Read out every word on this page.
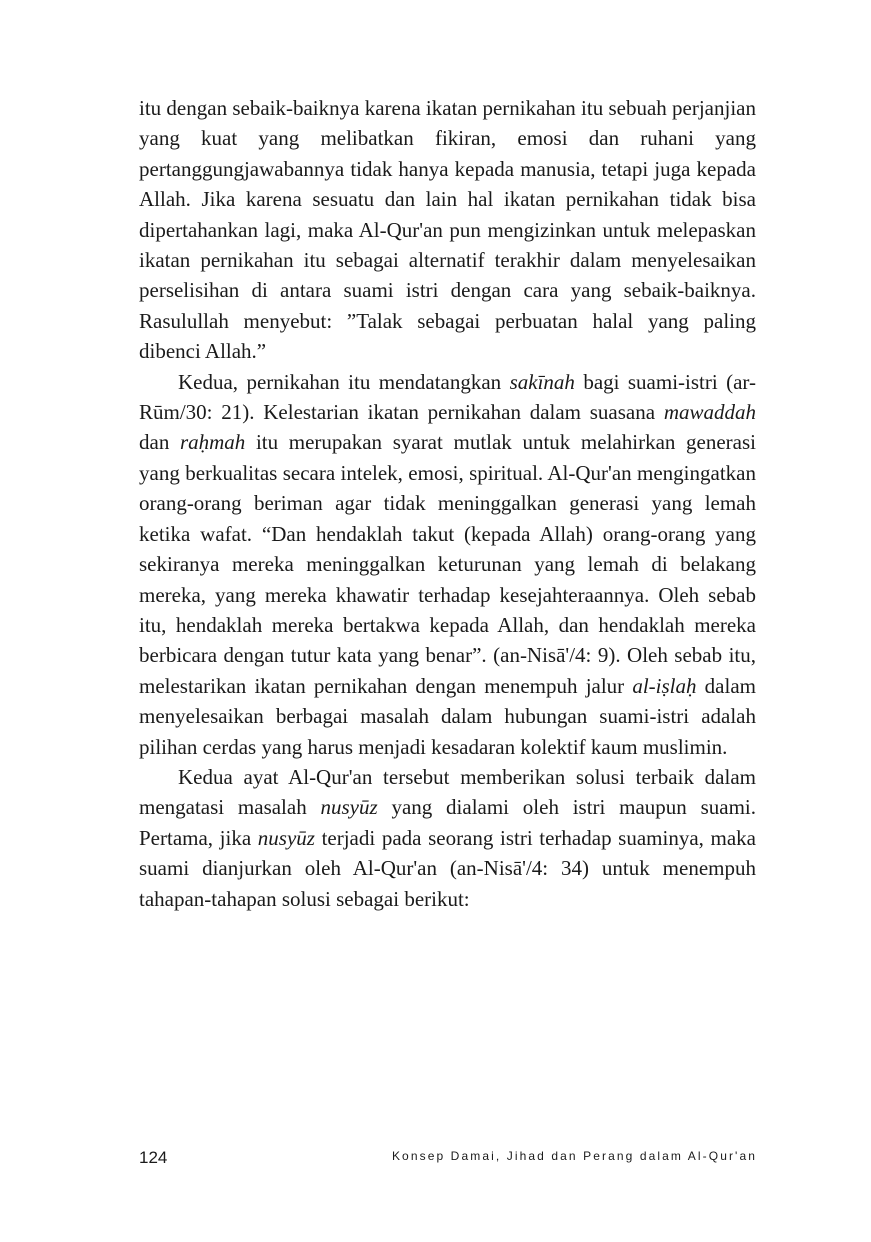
itu dengan sebaik-baiknya karena ikatan pernikahan itu sebuah perjanjian yang kuat yang melibatkan fikiran, emosi dan ruhani yang pertanggungjawabannya tidak hanya kepada manusia, tetapi juga kepada Allah. Jika karena sesuatu dan lain hal ikatan pernikahan tidak bisa dipertahankan lagi, maka Al-Qur'an pun mengizinkan untuk melepaskan ikatan pernikahan itu sebagai alternatif terakhir dalam menyelesaikan perselisihan di antara suami istri dengan cara yang sebaik-baiknya. Rasulullah menyebut: ”Talak sebagai perbuatan halal yang paling dibenci Allah.”

Kedua, pernikahan itu mendatangkan sakīnah bagi suami-istri (ar-Rūm/30: 21). Kelestarian ikatan pernikahan dalam suasana mawaddah dan raḥmah itu merupakan syarat mutlak untuk melahirkan generasi yang berkualitas secara intelek, emosi, spiritual. Al-Qur'an mengingatkan orang-orang beriman agar tidak meninggalkan generasi yang lemah ketika wafat. “Dan hendaklah takut (kepada Allah) orang-orang yang sekiranya mereka meninggalkan keturunan yang lemah di belakang mereka, yang mereka khawatir terhadap kesejahteraannya. Oleh sebab itu, hendaklah mereka bertakwa kepada Allah, dan hendaklah mereka berbicara dengan tutur kata yang benar”. (an-Nisā'/4: 9). Oleh sebab itu, melestarikan ikatan pernikahan dengan menempuh jalur al-iṣlaḥ dalam menyelesaikan berbagai masalah dalam hubungan suami-istri adalah pilihan cerdas yang harus menjadi kesadaran kolektif kaum muslimin.

Kedua ayat Al-Qur'an tersebut memberikan solusi terbaik dalam mengatasi masalah nusyūz yang dialami oleh istri maupun suami. Pertama, jika nusyūz terjadi pada seorang istri terhadap suaminya, maka suami dianjurkan oleh Al-Qur'an (an-Nisā'/4: 34) untuk menempuh tahapan-tahapan solusi sebagai berikut:

124	Konsep Damai, Jihad dan Perang dalam Al-Qur'an
